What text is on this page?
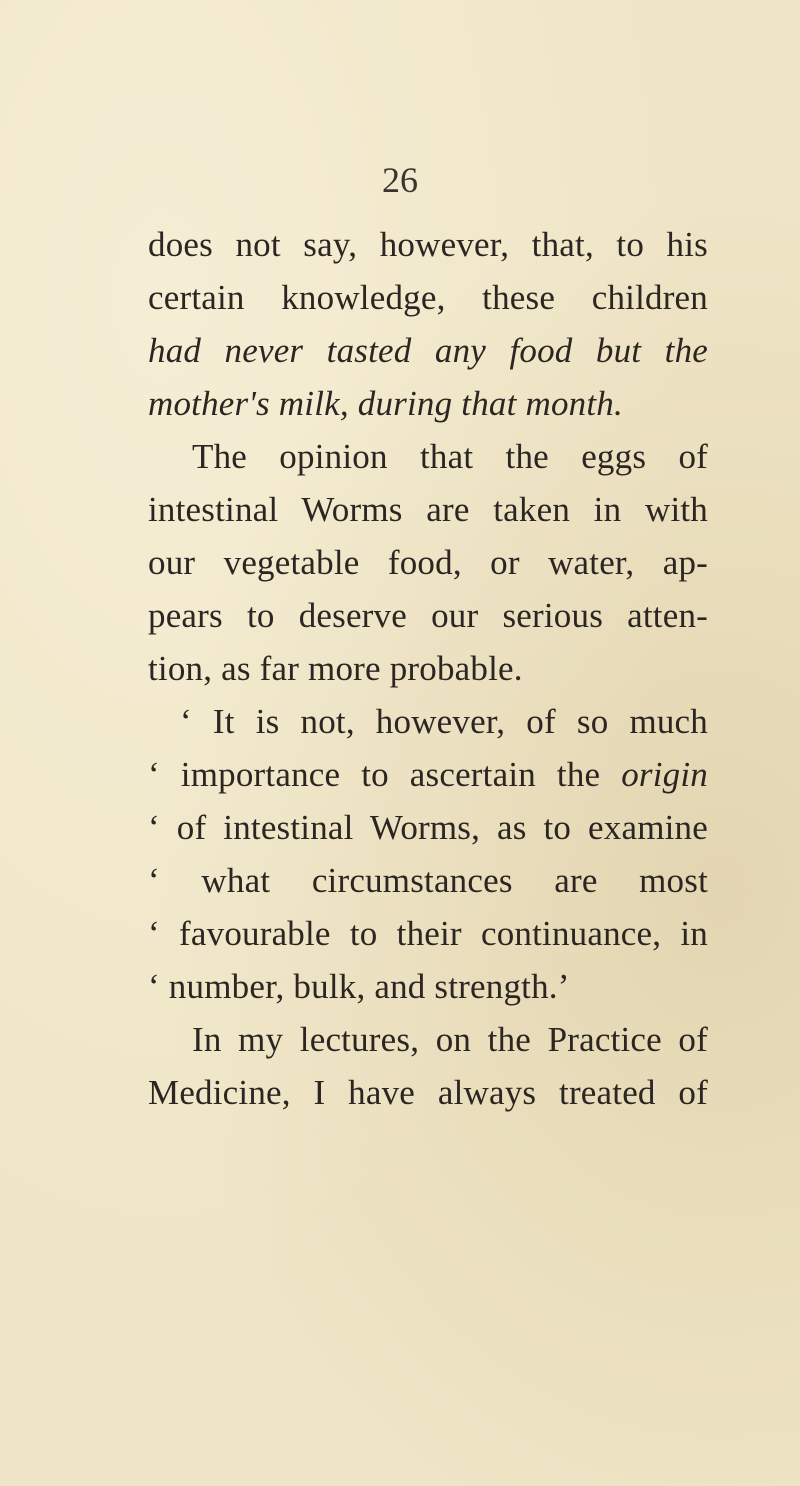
26
does not say, however, that, to his
certain knowledge, these children
had never tasted any food but the
mother's milk, during that month.
The opinion that the eggs of
intestinal Worms are taken in with
our vegetable food, or water, ap-
pears to deserve our serious atten-
tion, as far more probable.
‘ It is not, however, of so much
‘ importance to ascertain the origin
‘ of intestinal Worms, as to examine
‘ what circumstances are most
‘ favourable to their continuance, in
‘ number, bulk, and strength.’
In my lectures, on the Practice of
Medicine, I have always treated of
